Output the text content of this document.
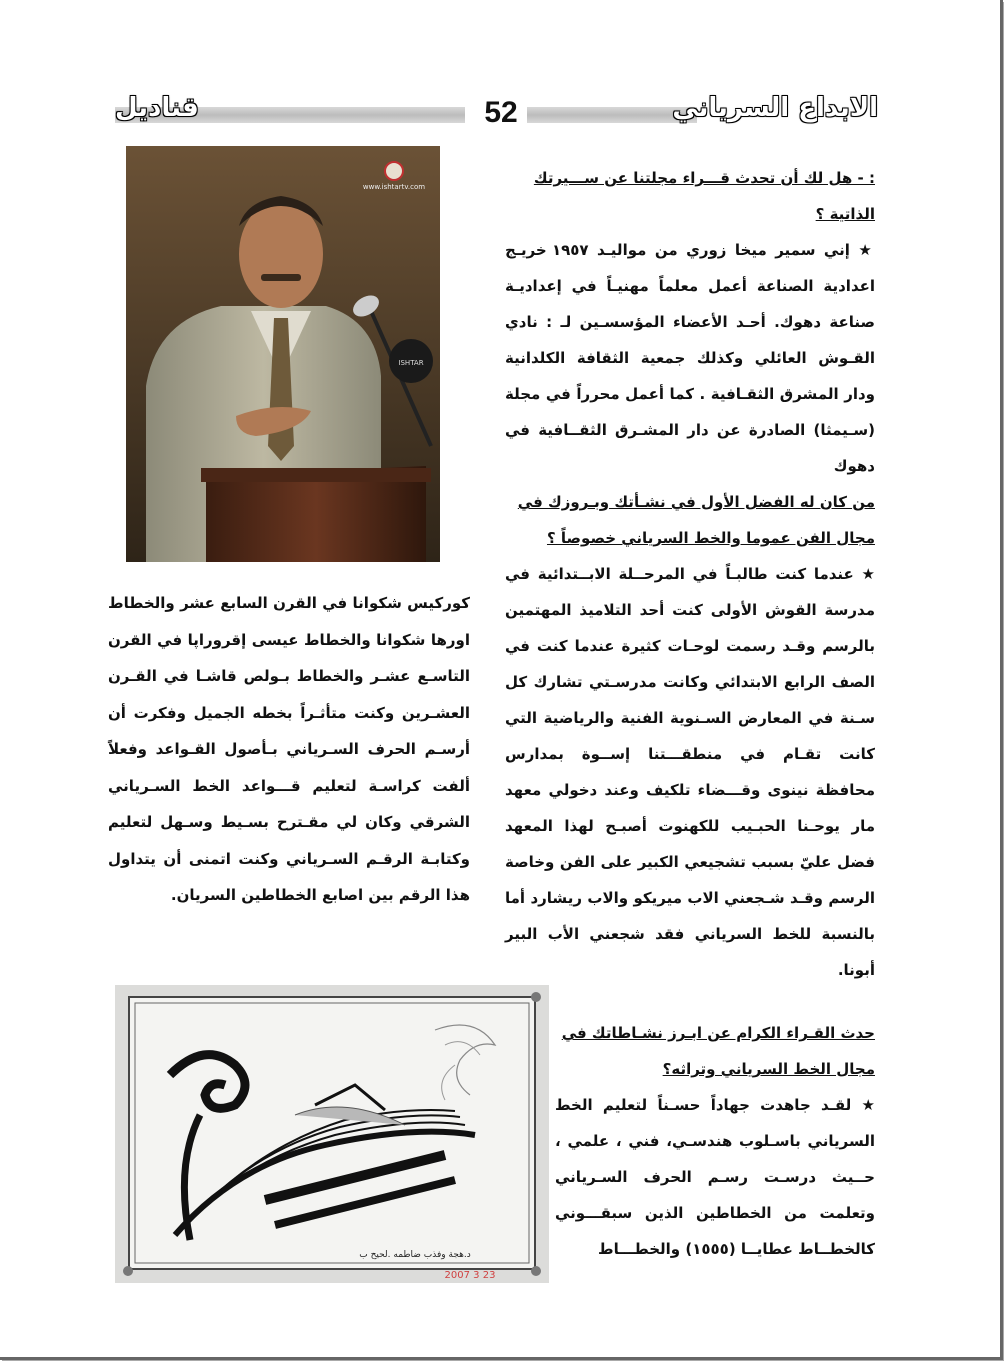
قناديل	52	الابداع السرياني
www.ishtartv.com
ISHTAR

: - هل لك أن تحدث قـــراء مجلتنا عن ســـيرتك

الذاتية ؟

★ إني سمير ميخا زوري من مواليـد ١٩٥٧ خريـج اعدادية الصناعة أعمل معلماً مهنيـاً في إعداديـة صناعة دهوك. أحـد الأعضاء المؤسسـين لـ : نادي القـوش العائلي وكذلك جمعية الثقافة الكلدانية ودار المشرق الثقـافية . كما أعمل محرراً في مجلة (سـيمثا) الصادرة عن دار المشـرق الثقــافية في دهوك

من كان له الفضل الأول في نشـأتك وبـروزك في

مجال الفن عموما والخط السرياني خصوصاً ؟

★ عندما كنت طالبـاً في المرحــلة الابــتدائية في مدرسة القوش الأولى كنت أحد التلاميذ المهتمين بالرسم وقـد رسمت لوحـات كثيرة عندما كنت في الصف الرابع الابتدائي وكانت مدرسـتي تشارك كل سـنة في المعارض السـنوية الفنية والرياضية التي كانت تقـام في منطقـــتنا إســوة بمدارس محافظة نينوى وقـــضاء تلكيف وعند دخولي معهد مار يوحـنا الحبـيب للكهنوت أصبـح لهذا المعهد فضل عليّ بسبب تشجيعي الكبير على الفن وخاصة الرسم وقـد شـجعني الاب ميريكو والاب ريشارد أما بالنسبة للخط السرياني فقد شجعني الأب البير أبونا.

كوركيس شكوانا في القرن السابع عشر والخطاط اورها شكوانا والخطاط عيسى إقروراپا في القرن التاسـع عشـر والخطاط بـولص قاشـا في القـرن العشـرين وكنت متأثـراً بخطه الجميل وفكرت أن أرسـم الحرف السـرياني بـأصول القـواعد وفعلاً ألفت كراسـة لتعليم قـــواعد الخط السـرياني الشرقي وكان لي مقـترح بسـيط وسـهل لتعليم وكتابـة الرقـم السـرياني وكنت اتمنى أن يتداول هذا الرقم بين اصابع الخطاطين السريان.

حدث القـراء الكرام عن ابـرز نشـاطاتك في

مجال الخط السرياني وتراثه؟

★ لقـد جاهدت جهاداً حسـناً لتعليم الخط السرياني باسـلوب هندسـي، فني ، علمي ، حــيث درسـت رسـم الحرف السـرياني وتعلمت من الخطاطين الذين سبقـــوني كالخطــاط عطايــا (١٥٥٥) والخطـــاط

د.هجة وفذب ضاطمه .لحيح ب
2007 3 23
